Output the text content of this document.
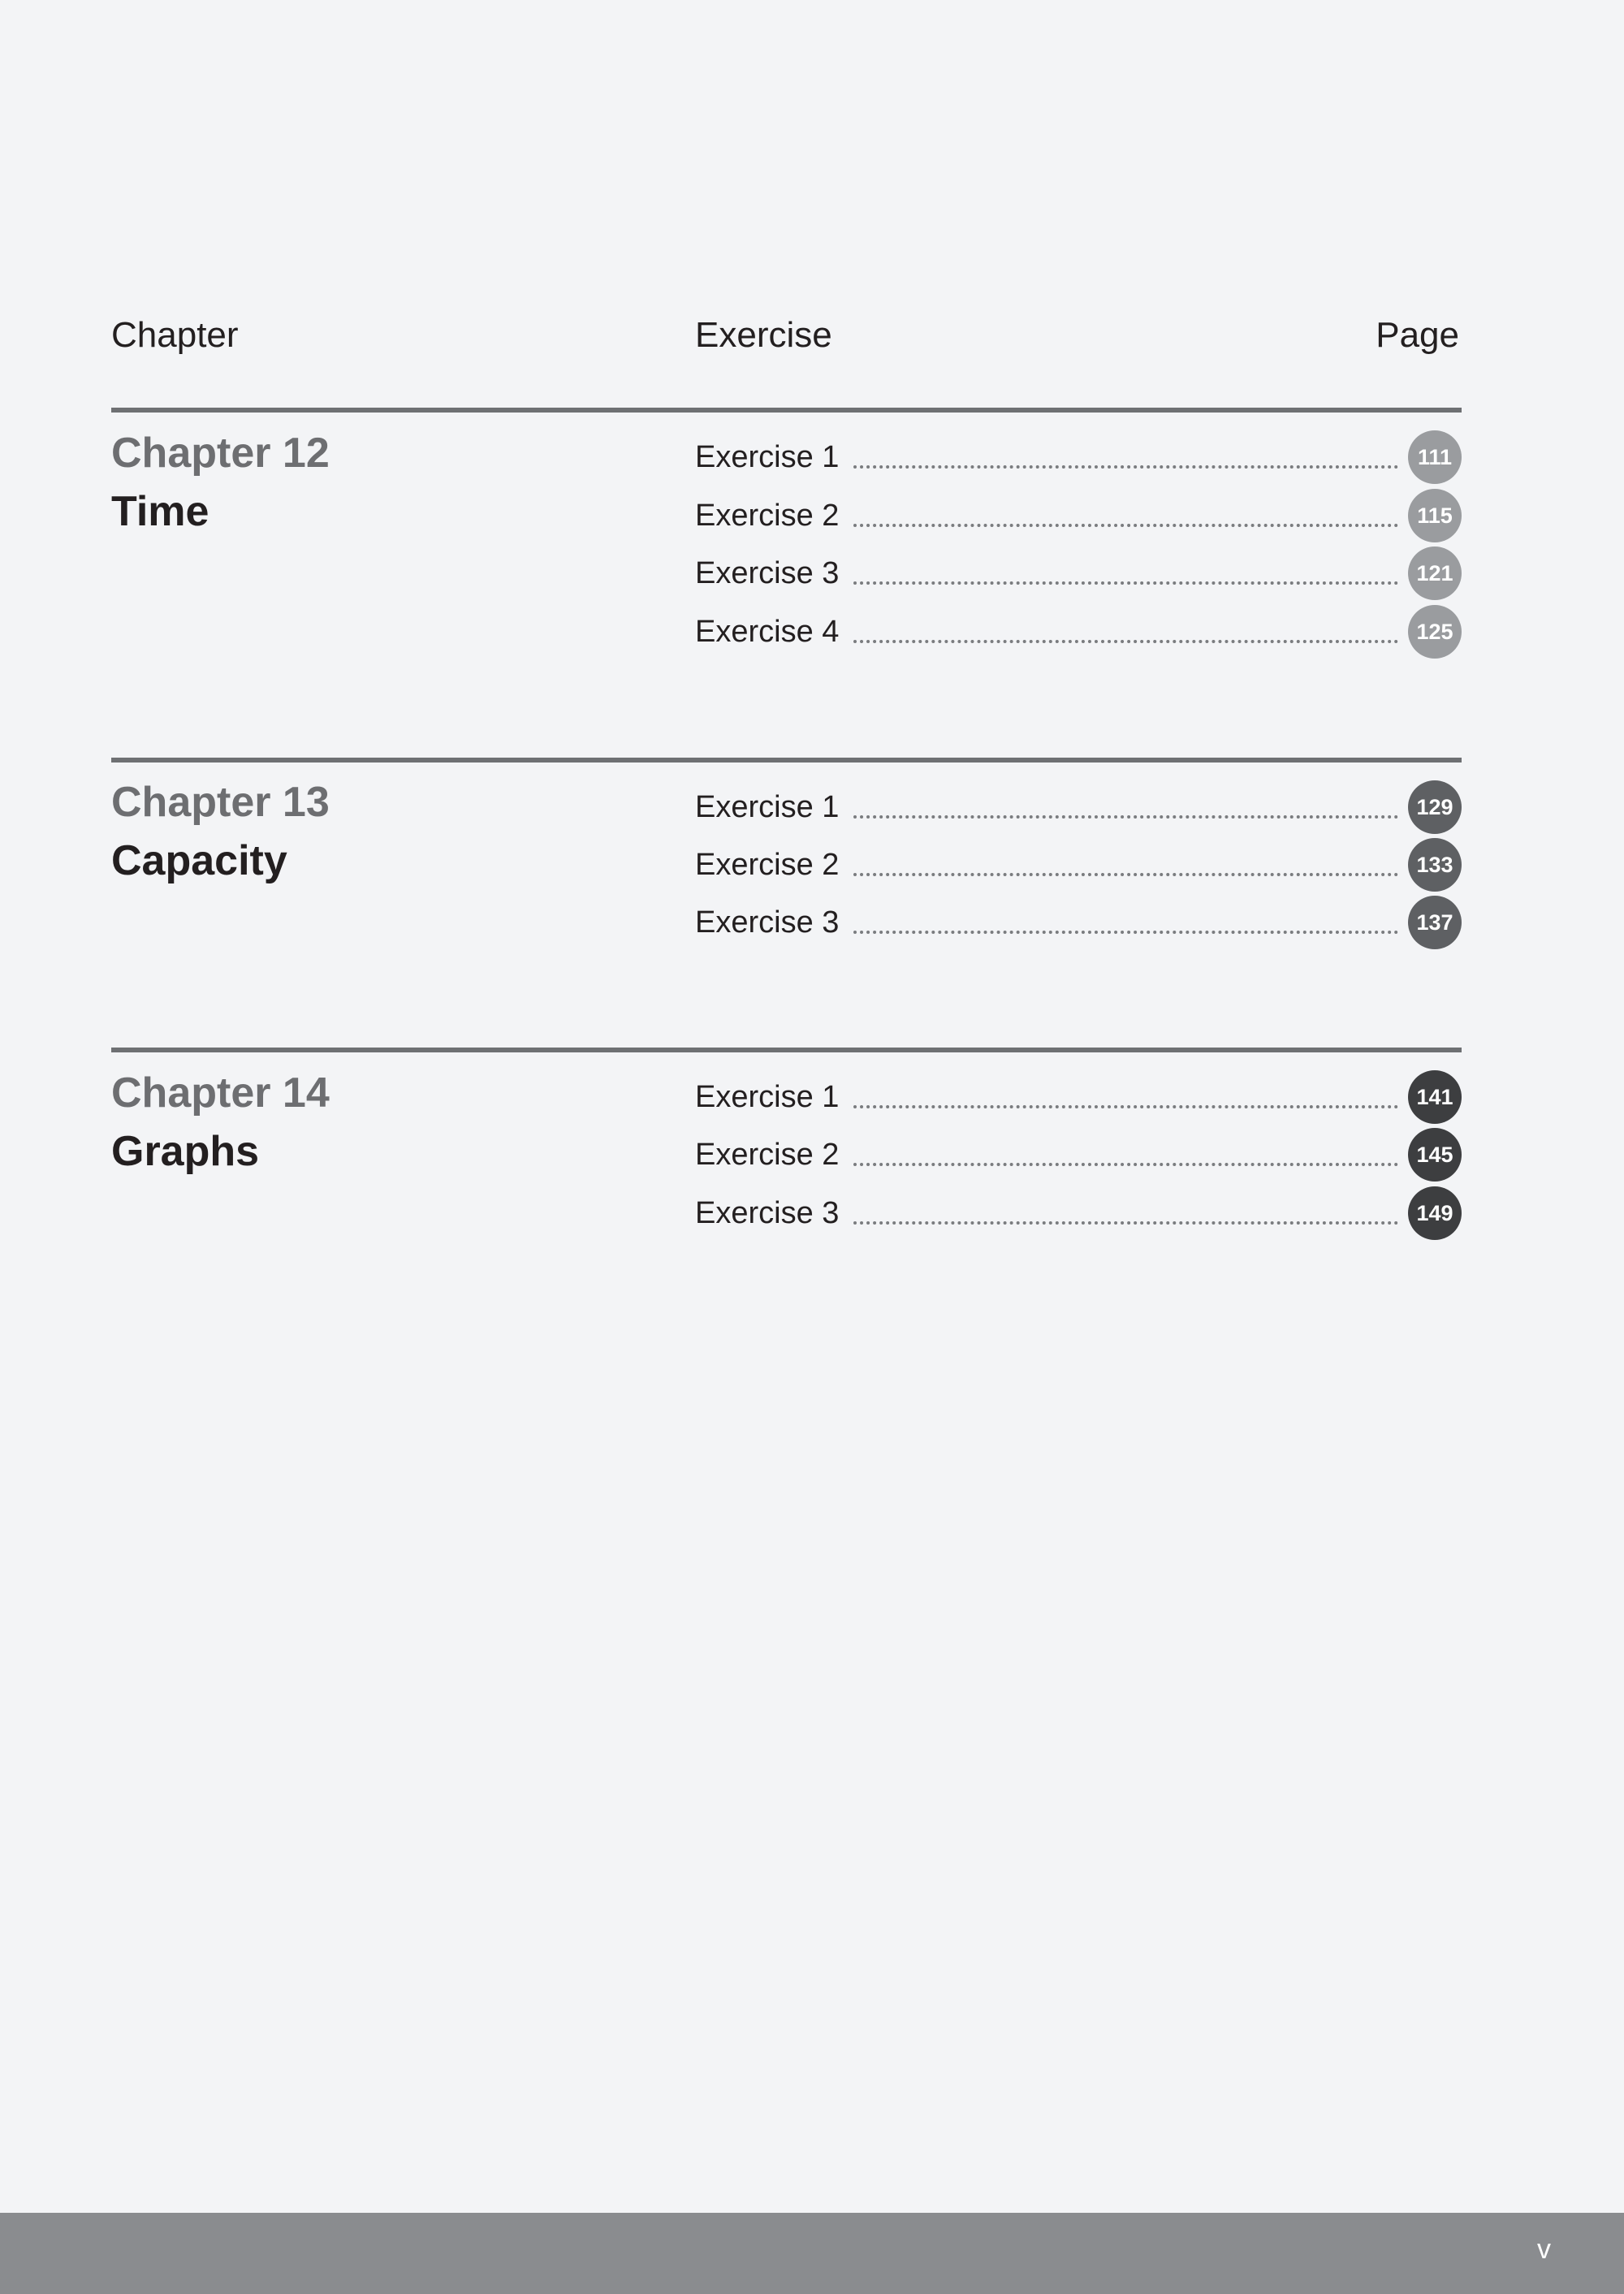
Chapter	Exercise	Page
Chapter 12
Time
Exercise 1	111
Exercise 2	115
Exercise 3	121
Exercise 4	125
Chapter 13
Capacity
Exercise 1	129
Exercise 2	133
Exercise 3	137
Chapter 14
Graphs
Exercise 1	141
Exercise 2	145
Exercise 3	149
v
